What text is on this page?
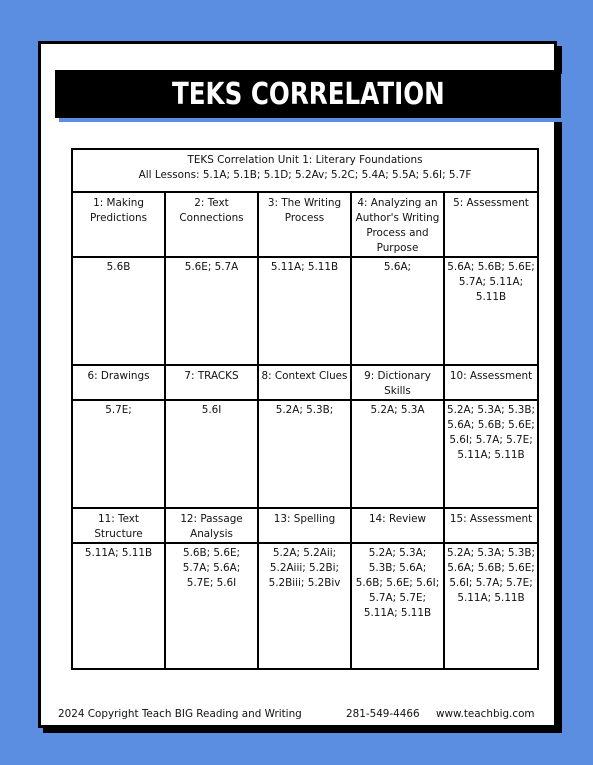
TEKS CORRELATION
TEKS Correlation Unit 1: Literary Foundations
All Lessons: 5.1A; 5.1B; 5.1D; 5.2Av; 5.2C; 5.4A; 5.5A; 5.6I; 5.7F				

1: Making Predictions	2: Text Connections	3: The Writing Process	4: Analyzing an Author's Writing Process and Purpose	5: Assessment
5.6B	5.6E; 5.7A	5.11A; 5.11B	5.6A;	5.6A; 5.6B; 5.6E; 5.7A; 5.11A; 5.11B
6: Drawings	7: TRACKS	8: Context Clues	9: Dictionary Skills	10: Assessment
5.7E;	5.6I	5.2A; 5.3B;	5.2A; 5.3A	5.2A; 5.3A; 5.3B; 5.6A; 5.6B; 5.6E; 5.6I; 5.7A; 5.7E; 5.11A; 5.11B
11: Text Structure	12: Passage Analysis	13: Spelling	14: Review	15: Assessment
5.11A; 5.11B	5.6B; 5.6E; 5.7A; 5.6A; 5.7E; 5.6I	5.2A; 5.2Aii; 5.2Aiii; 5.2Bi; 5.2Biii; 5.2Biv	5.2A; 5.3A; 5.3B; 5.6A; 5.6B; 5.6E; 5.6I; 5.7A; 5.7E; 5.11A; 5.11B	5.2A; 5.3A; 5.3B; 5.6A; 5.6B; 5.6E; 5.6I; 5.7A; 5.7E; 5.11A; 5.11B
2024 Copyright Teach BIG Reading and Writing	281-549-4466 www.teachbig.com
